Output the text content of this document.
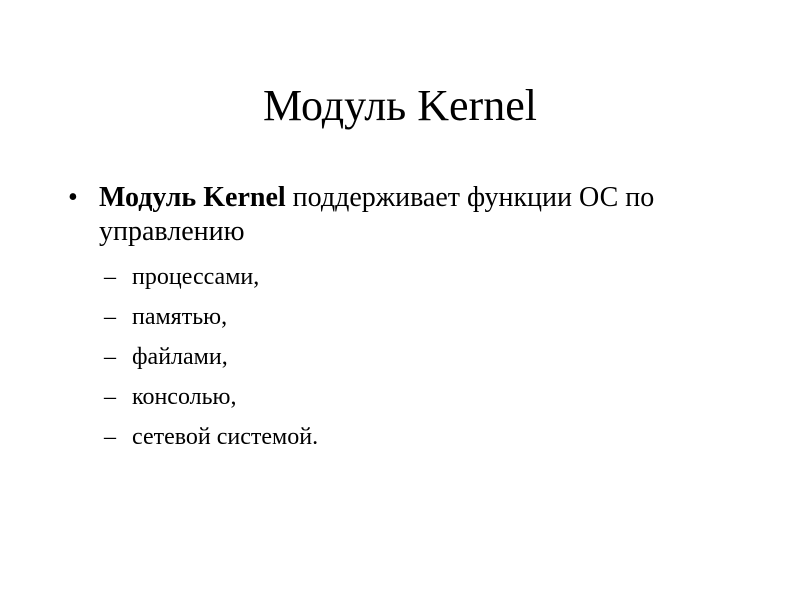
Модуль Kernel
• Модуль Kernel поддерживает функции ОС по управлению
– процессами,
– памятью,
– файлами,
– консолью,
– сетевой системой.
